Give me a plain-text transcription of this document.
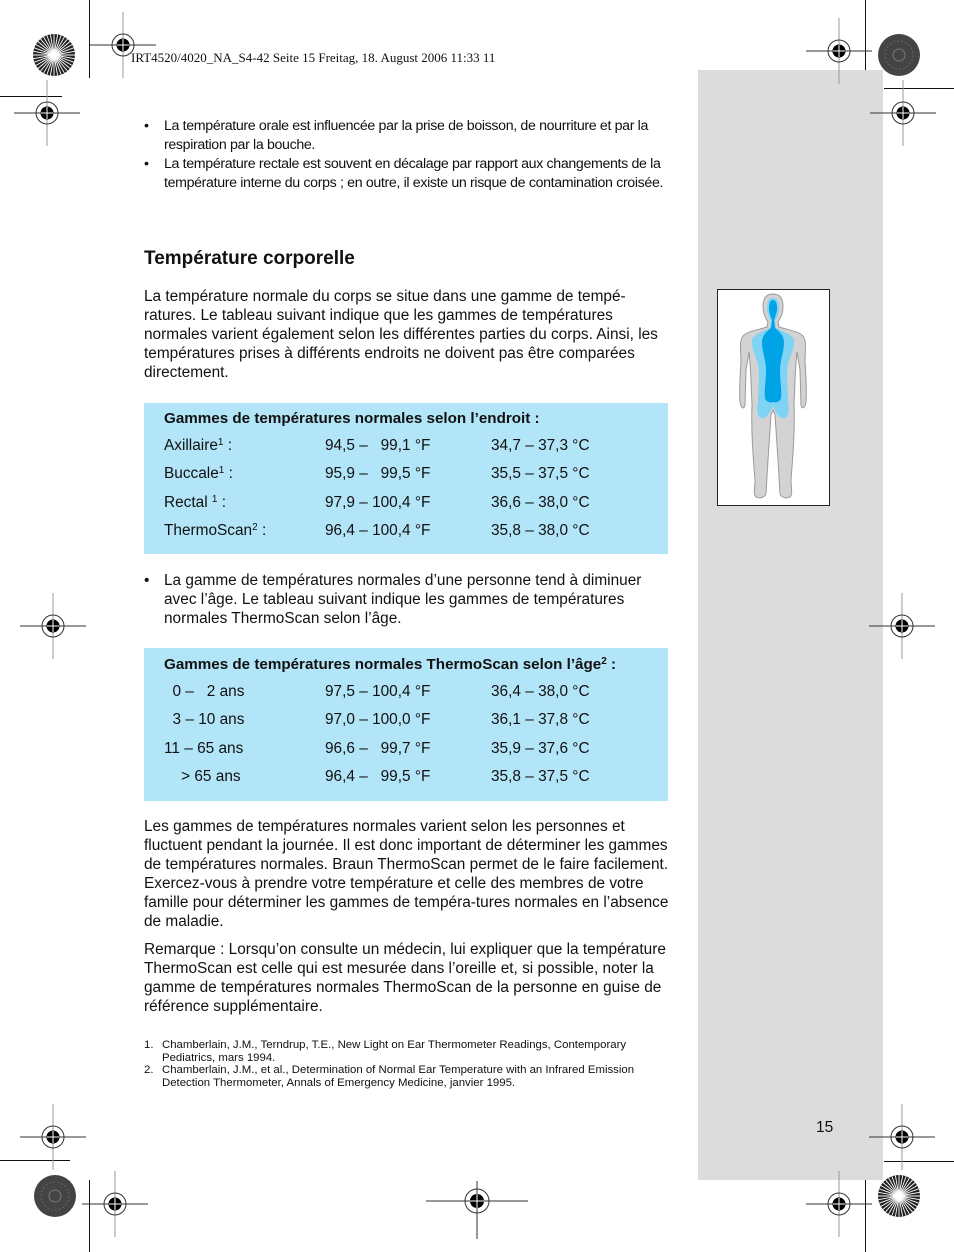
IRT4520/4020_NA_S4-42 Seite 15 Freitag, 18. August 2006 11:33 11
• La température orale est influencée par la prise de boisson, de nourriture et par la respiration par la bouche.
• La température rectale est souvent en décalage par rapport aux changements de la température interne du corps ; en outre, il existe un risque de contamination croisée.
Température corporelle
La température normale du corps se situe dans une gamme de tempé-ratures. Le tableau suivant indique que les gammes de températures normales varient également selon les différentes parties du corps. Ainsi, les températures prises à différents endroits ne doivent pas être comparées directement.
Gammes de températures normales selon l’endroit :
Axillaire$^1$ :	94,5 –   99,1 °F	34,7 – 37,3 °C
Buccale$^1$ :	95,9 –   99,5 °F	35,5 – 37,5 °C
Rectal $^1$ :	97,9 – 100,4 °F	36,6 – 38,0 °C
ThermoScan$^2$ :	96,4 – 100,4 °F	35,8 – 38,0 °C
• La gamme de températures normales d’une personne tend à diminuer avec l’âge. Le tableau suivant indique les gammes de températures normales ThermoScan selon l’âge.
Gammes de températures normales ThermoScan selon l’âge$^2$ :
0 –   2 ans	97,5 – 100,4 °F	36,4 – 38,0 °C
3 – 10 ans	97,0 – 100,0 °F	36,1 – 37,8 °C
11 – 65 ans	96,6 –   99,7 °F	35,9 – 37,6 °C
> 65 ans	96,4 –   99,5 °F	35,8 – 37,5 °C
Les gammes de températures normales varient selon les personnes et fluctuent pendant la journée. Il est donc important de déterminer les gammes de températures normales. Braun ThermoScan permet de le faire facilement. Exercez-vous à prendre votre température et celle des membres de votre famille pour déterminer les gammes de tempéra-tures normales en l’absence de maladie.
Remarque : Lorsqu’on consulte un médecin, lui expliquer que la température ThermoScan est celle qui est mesurée dans l’oreille et, si possible, noter la gamme de températures normales ThermoScan de la personne en guise de référence supplémentaire.
1. Chamberlain, J.M., Terndrup, T.E., New Light on Ear Thermometer Readings, Contemporary Pediatrics, mars 1994.
2. Chamberlain, J.M., et al., Determination of Normal Ear Temperature with an Infrared Emission Detection Thermometer, Annals of Emergency Medicine, janvier 1995.
15
